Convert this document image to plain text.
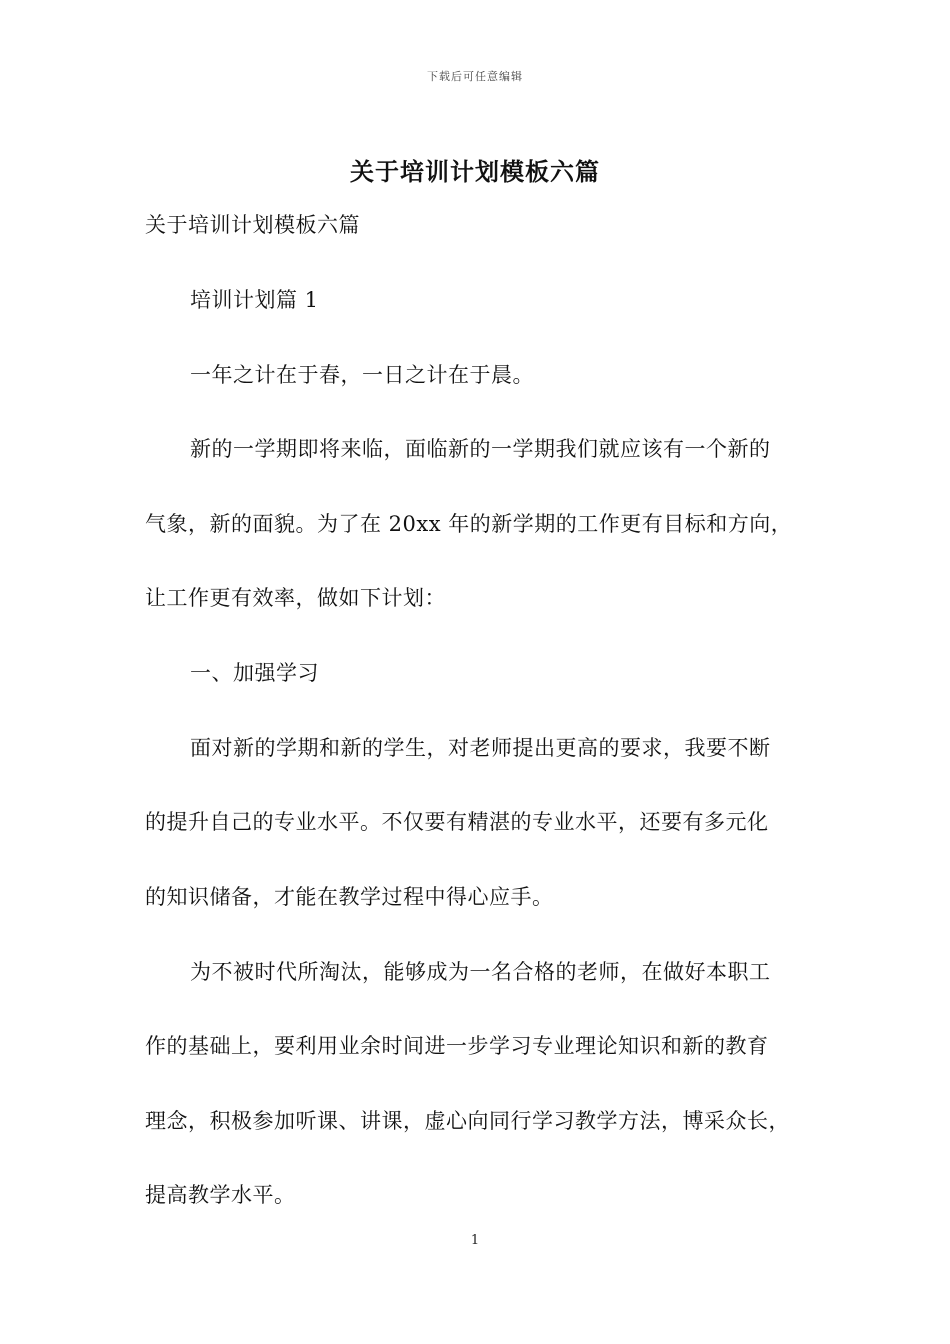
下载后可任意编辑
关于培训计划模板六篇
关于培训计划模板六篇
培训计划篇 1
一年之计在于春，一日之计在于晨。
新的一学期即将来临，面临新的一学期我们就应该有一个新的
气象，新的面貌。为了在 20xx 年的新学期的工作更有目标和方向，
让工作更有效率，做如下计划：
一、加强学习
面对新的学期和新的学生，对老师提出更高的要求，我要不断
的提升自己的专业水平。不仅要有精湛的专业水平，还要有多元化
的知识储备，才能在教学过程中得心应手。
为不被时代所淘汰，能够成为一名合格的老师，在做好本职工
作的基础上，要利用业余时间进一步学习专业理论知识和新的教育
理念，积极参加听课、讲课，虚心向同行学习教学方法，博采众长，
提高教学水平。
1
